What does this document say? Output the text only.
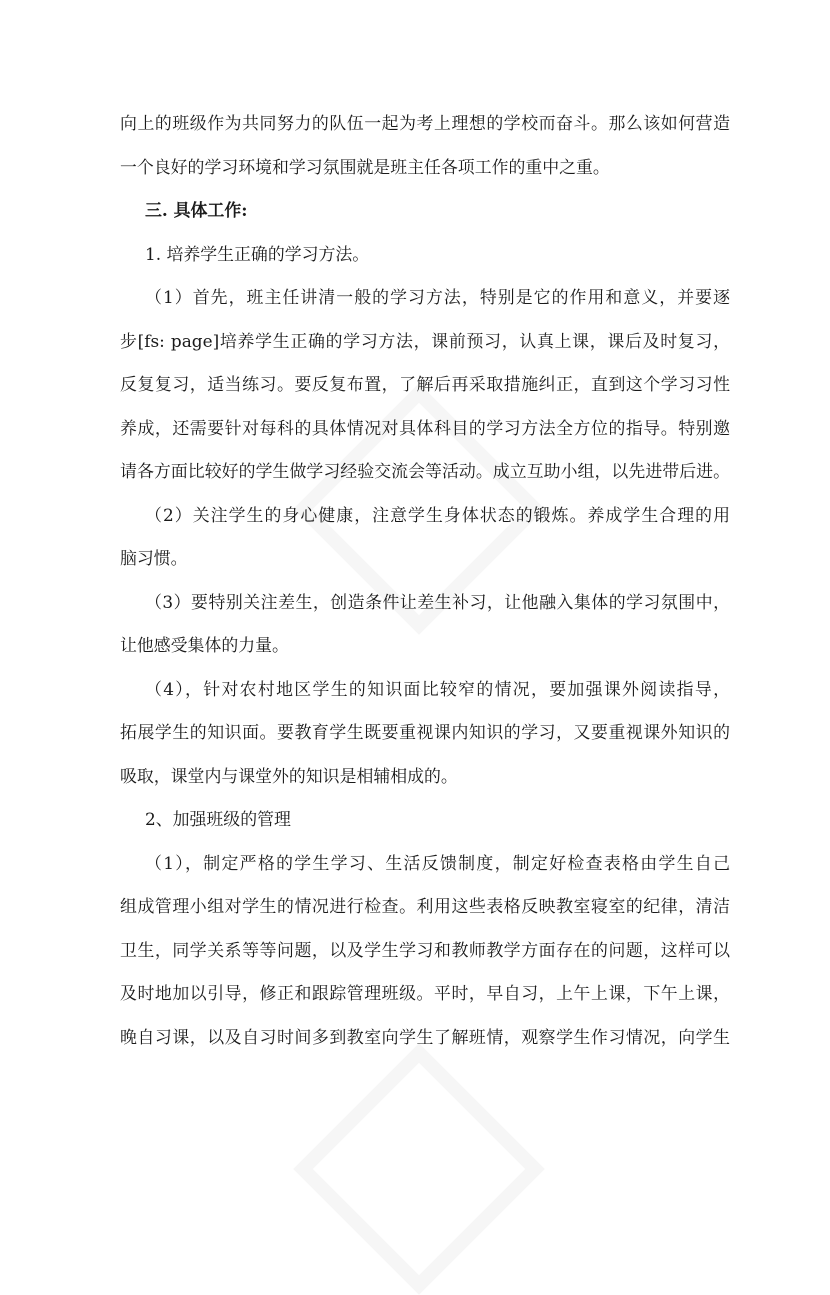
向上的班级作为共同努力的队伍一起为考上理想的学校而奋斗。那么该如何营造
一个良好的学习环境和学习氛围就是班主任各项工作的重中之重。
三. 具体工作:
1. 培养学生正确的学习方法。
（1）首先，班主任讲清一般的学习方法，特别是它的作用和意义，并要逐
步[fs: page]培养学生正确的学习方法，课前预习，认真上课，课后及时复习，
反复复习，适当练习。要反复布置，了解后再采取措施纠正，直到这个学习习性
养成，还需要针对每科的具体情况对具体科目的学习方法全方位的指导。特别邀
请各方面比较好的学生做学习经验交流会等活动。成立互助小组，以先进带后进。
（2）关注学生的身心健康，注意学生身体状态的锻炼。养成学生合理的用
脑习惯。
（3）要特别关注差生，创造条件让差生补习，让他融入集体的学习氛围中，
让他感受集体的力量。
（4），针对农村地区学生的知识面比较窄的情况，要加强课外阅读指导，
拓展学生的知识面。要教育学生既要重视课内知识的学习，又要重视课外知识的
吸取，课堂内与课堂外的知识是相辅相成的。
2、加强班级的管理
（1），制定严格的学生学习、生活反馈制度，制定好检查表格由学生自己
组成管理小组对学生的情况进行检查。利用这些表格反映教室寝室的纪律，清洁
卫生，同学关系等等问题，以及学生学习和教师教学方面存在的问题，这样可以
及时地加以引导，修正和跟踪管理班级。平时，早自习，上午上课，下午上课，
晚自习课，以及自习时间多到教室向学生了解班情，观察学生作习情况，向学生
